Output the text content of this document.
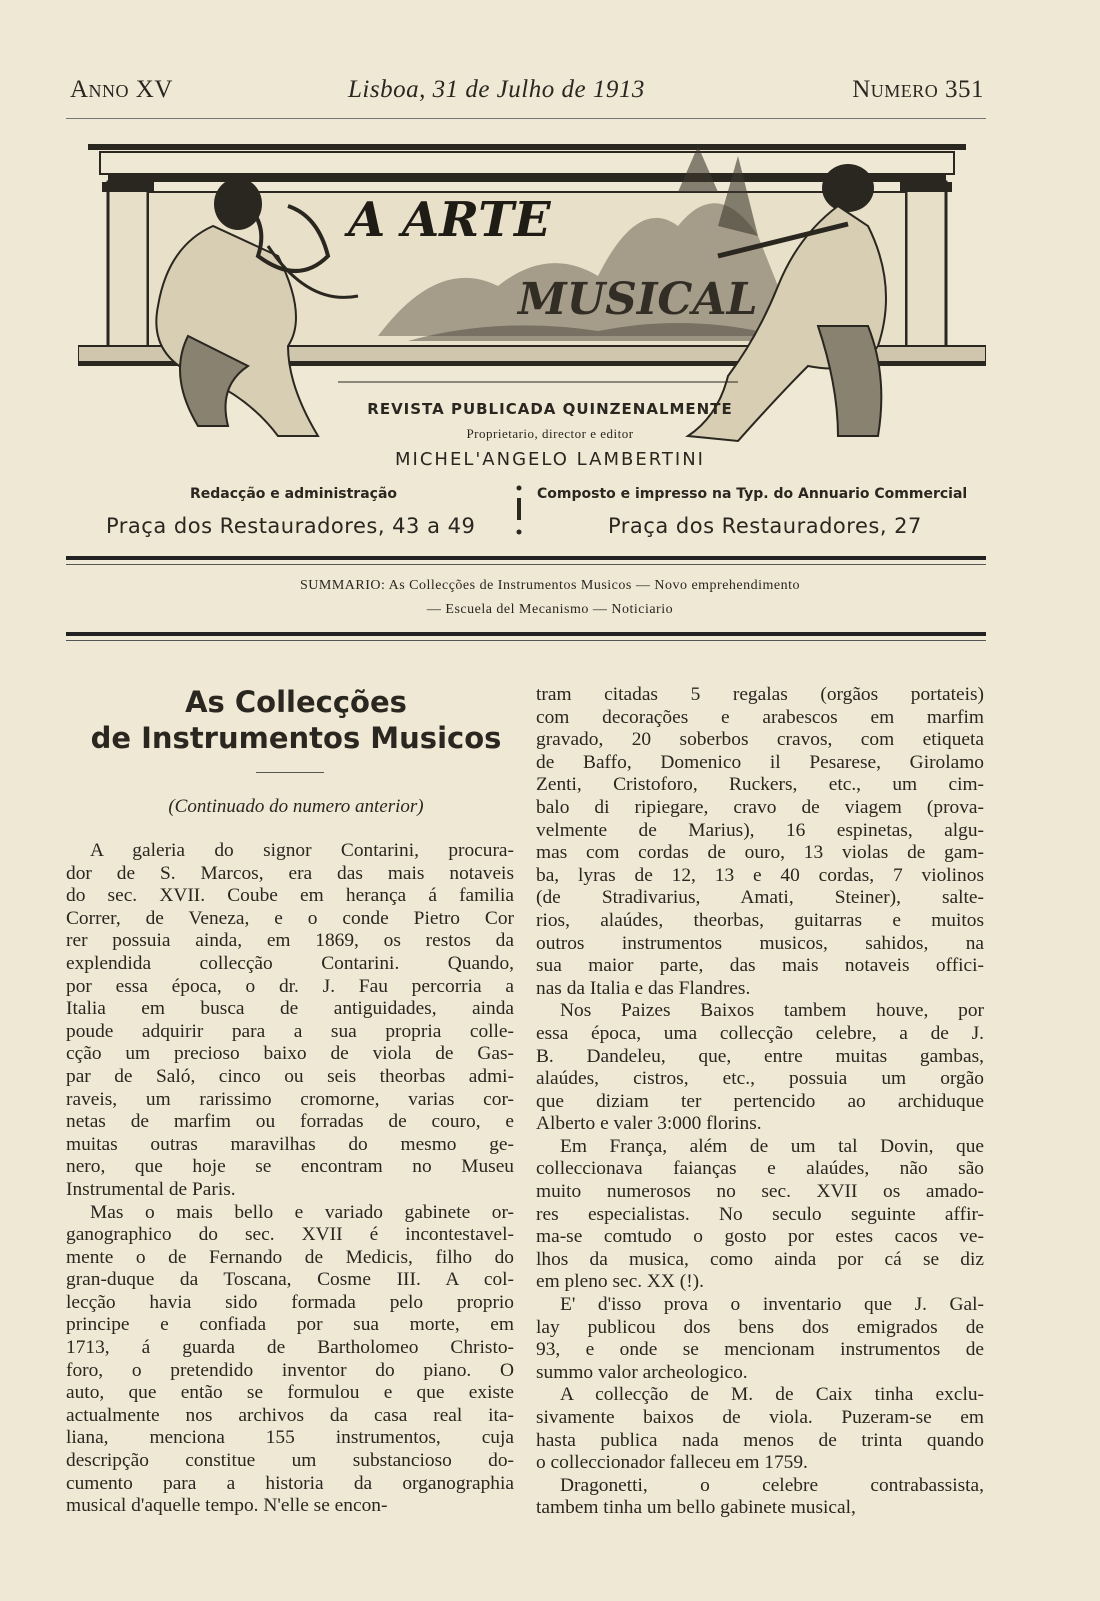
Anno XV	Lisboa, 31 de Julho de 1913	Numero 351
A ARTE
MUSICAL
REVISTA PUBLICADA QUINZENALMENTE
Proprietario, director e editor
MICHEL'ANGELO LAMBERTINI
Redacção e administração
Praça dos Restauradores, 43 a 49
Composto e impresso na Typ. do Annuario Commercial
Praça dos Restauradores, 27
SUMMARIO: As Collecções de Instrumentos Musicos — Novo emprehendimento
— Escuela del Mecanismo — Noticiario
As Collecções
de Instrumentos Musicos
(Continuado do numero anterior)
A galeria do signor Contarini, procura-
dor de S. Marcos, era das mais notaveis
do sec. XVII. Coube em herança á familia
Correr, de Veneza, e o conde Pietro Cor
rer possuia ainda, em 1869, os restos da
explendida collecção Contarini. Quando,
por essa época, o dr. J. Fau percorria a
Italia em busca de antiguidades, ainda
poude adquirir para a sua propria colle-
cção um precioso baixo de viola de Gas-
par de Saló, cinco ou seis theorbas admi-
raveis, um rarissimo cromorne, varias cor-
netas de marfim ou forradas de couro, e
muitas outras maravilhas do mesmo ge-
nero, que hoje se encontram no Museu
Instrumental de Paris.
Mas o mais bello e variado gabinete or-
ganographico do sec. XVII é incontestavel-
mente o de Fernando de Medicis, filho do
gran-duque da Toscana, Cosme III. A col-
lecção havia sido formada pelo proprio
principe e confiada por sua morte, em
1713, á guarda de Bartholomeo Christo-
foro, o pretendido inventor do piano. O
auto, que então se formulou e que existe
actualmente nos archivos da casa real ita-
liana, menciona 155 instrumentos, cuja
descripção constitue um substancioso do-
cumento para a historia da organographia
musical d'aquelle tempo. N'elle se encon-
tram citadas 5 regalas (orgãos portateis)
com decorações e arabescos em marfim
gravado, 20 soberbos cravos, com etiqueta
de Baffo, Domenico il Pesarese, Girolamo
Zenti, Cristoforo, Ruckers, etc., um cim-
balo di ripiegare, cravo de viagem (prova-
velmente de Marius), 16 espinetas, algu-
mas com cordas de ouro, 13 violas de gam-
ba, lyras de 12, 13 e 40 cordas, 7 violinos
(de Stradivarius, Amati, Steiner), salte-
rios, alaúdes, theorbas, guitarras e muitos
outros instrumentos musicos, sahidos, na
sua maior parte, das mais notaveis offici-
nas da Italia e das Flandres.
Nos Paizes Baixos tambem houve, por
essa época, uma collecção celebre, a de J.
B. Dandeleu, que, entre muitas gambas,
alaúdes, cistros, etc., possuia um orgão
que diziam ter pertencido ao archiduque
Alberto e valer 3:000 florins.
Em França, além de um tal Dovin, que
colleccionava faianças e alaúdes, não são
muito numerosos no sec. XVII os amado-
res especialistas. No seculo seguinte affir-
ma-se comtudo o gosto por estes cacos ve-
lhos da musica, como ainda por cá se diz
em pleno sec. XX (!).
E' d'isso prova o inventario que J. Gal-
lay publicou dos bens dos emigrados de
93, e onde se mencionam instrumentos de
summo valor archeologico.
A collecção de M. de Caix tinha exclu-
sivamente baixos de viola. Puzeram-se em
hasta publica nada menos de trinta quando
o colleccionador falleceu em 1759.
Dragonetti, o celebre contrabassista,
tambem tinha um bello gabinete musical,
